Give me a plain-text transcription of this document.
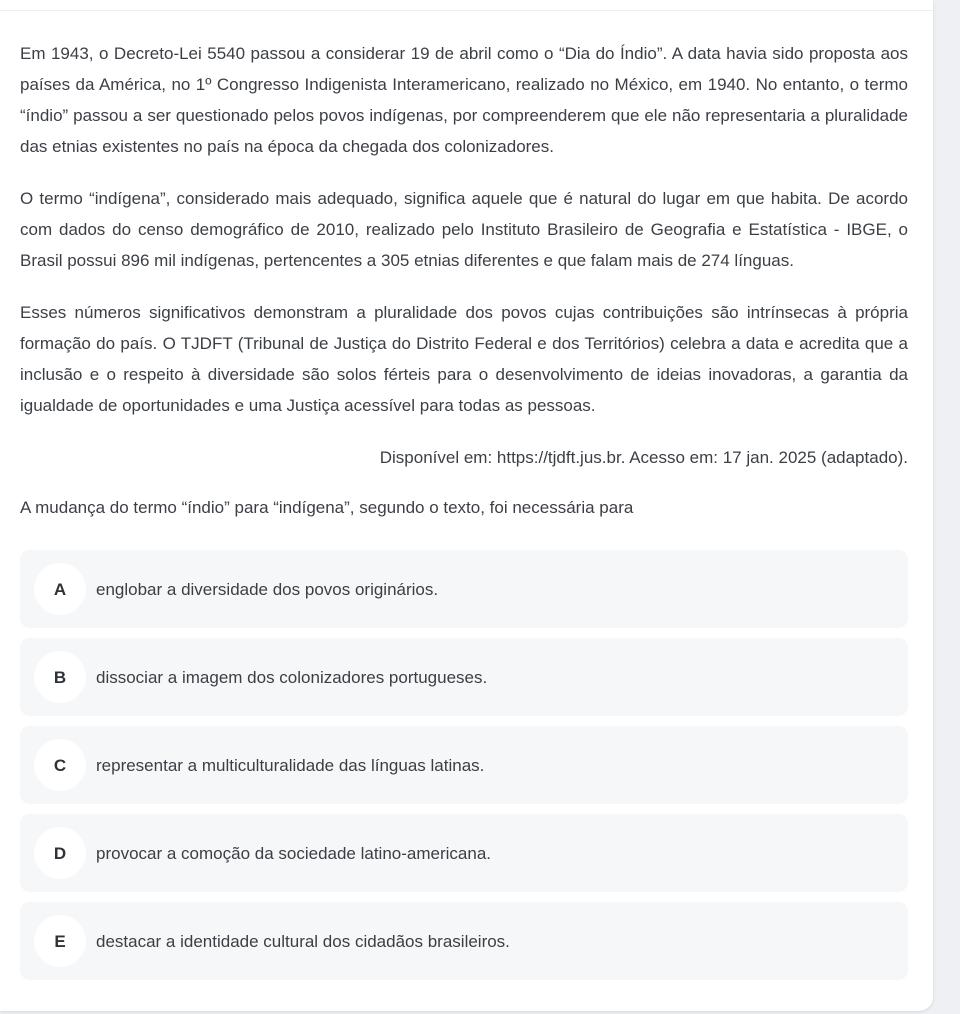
Em 1943, o Decreto-Lei 5540 passou a considerar 19 de abril como o “Dia do Índio”. A data havia sido proposta aos países da América, no 1º Congresso Indigenista Interamericano, realizado no México, em 1940. No entanto, o termo “índio” passou a ser questionado pelos povos indígenas, por compreenderem que ele não representaria a pluralidade das etnias existentes no país na época da chegada dos colonizadores.

O termo “indígena”, considerado mais adequado, significa aquele que é natural do lugar em que habita. De acordo com dados do censo demográfico de 2010, realizado pelo Instituto Brasileiro de Geografia e Estatística - IBGE, o Brasil possui 896 mil indígenas, pertencentes a 305 etnias diferentes e que falam mais de 274 línguas.

Esses números significativos demonstram a pluralidade dos povos cujas contribuições são intrínsecas à própria formação do país. O TJDFT (Tribunal de Justiça do Distrito Federal e dos Territórios) celebra a data e acredita que a inclusão e o respeito à diversidade são solos férteis para o desenvolvimento de ideias inovadoras, a garantia da igualdade de oportunidades e uma Justiça acessível para todas as pessoas.

Disponível em: https://tjdft.jus.br. Acesso em: 17 jan. 2025 (adaptado).

A mudança do termo “índio” para “indígena”, segundo o texto, foi necessária para

A	englobar a diversidade dos povos originários.
B	dissociar a imagem dos colonizadores portugueses.
C	representar a multiculturalidade das línguas latinas.
D	provocar a comoção da sociedade latino-americana.
E	destacar a identidade cultural dos cidadãos brasileiros.
